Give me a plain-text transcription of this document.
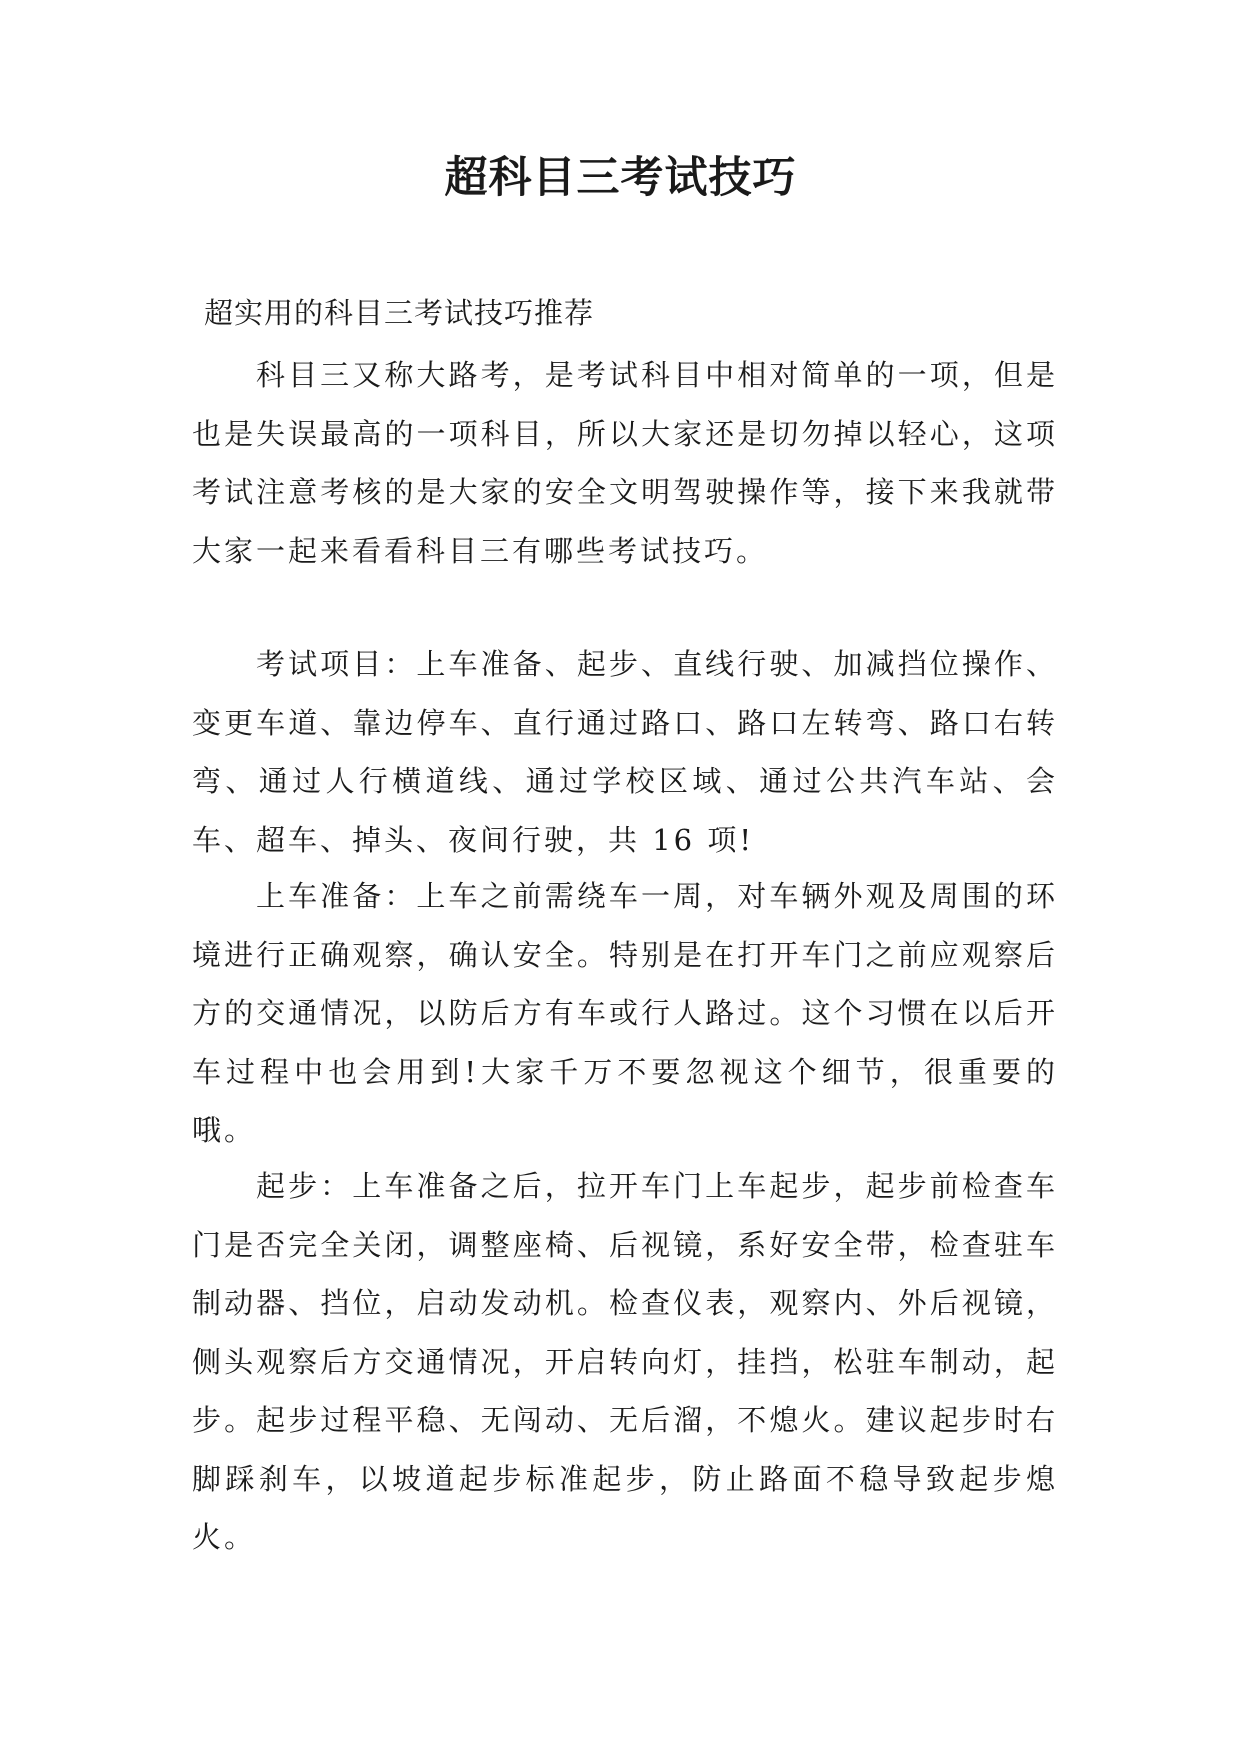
超科目三考试技巧

超实用的科目三考试技巧推荐

科目三又称大路考，是考试科目中相对简单的一项，但是也是失误最高的一项科目，所以大家还是切勿掉以轻心，这项考试注意考核的是大家的安全文明驾驶操作等，接下来我就带大家一起来看看科目三有哪些考试技巧。

考试项目：上车准备、起步、直线行驶、加减挡位操作、变更车道、靠边停车、直行通过路口、路口左转弯、路口右转弯、通过人行横道线、通过学校区域、通过公共汽车站、会车、超车、掉头、夜间行驶，共 16 项!

上车准备：上车之前需绕车一周，对车辆外观及周围的环境进行正确观察，确认安全。特别是在打开车门之前应观察后方的交通情况，以防后方有车或行人路过。这个习惯在以后开车过程中也会用到!大家千万不要忽视这个细节，很重要的哦。

起步：上车准备之后，拉开车门上车起步，起步前检查车门是否完全关闭，调整座椅、后视镜，系好安全带，检查驻车制动器、挡位，启动发动机。检查仪表，观察内、外后视镜，侧头观察后方交通情况，开启转向灯，挂挡，松驻车制动，起步。起步过程平稳、无闯动、无后溜，不熄火。建议起步时右脚踩刹车，以坡道起步标准起步，防止路面不稳导致起步熄火。
